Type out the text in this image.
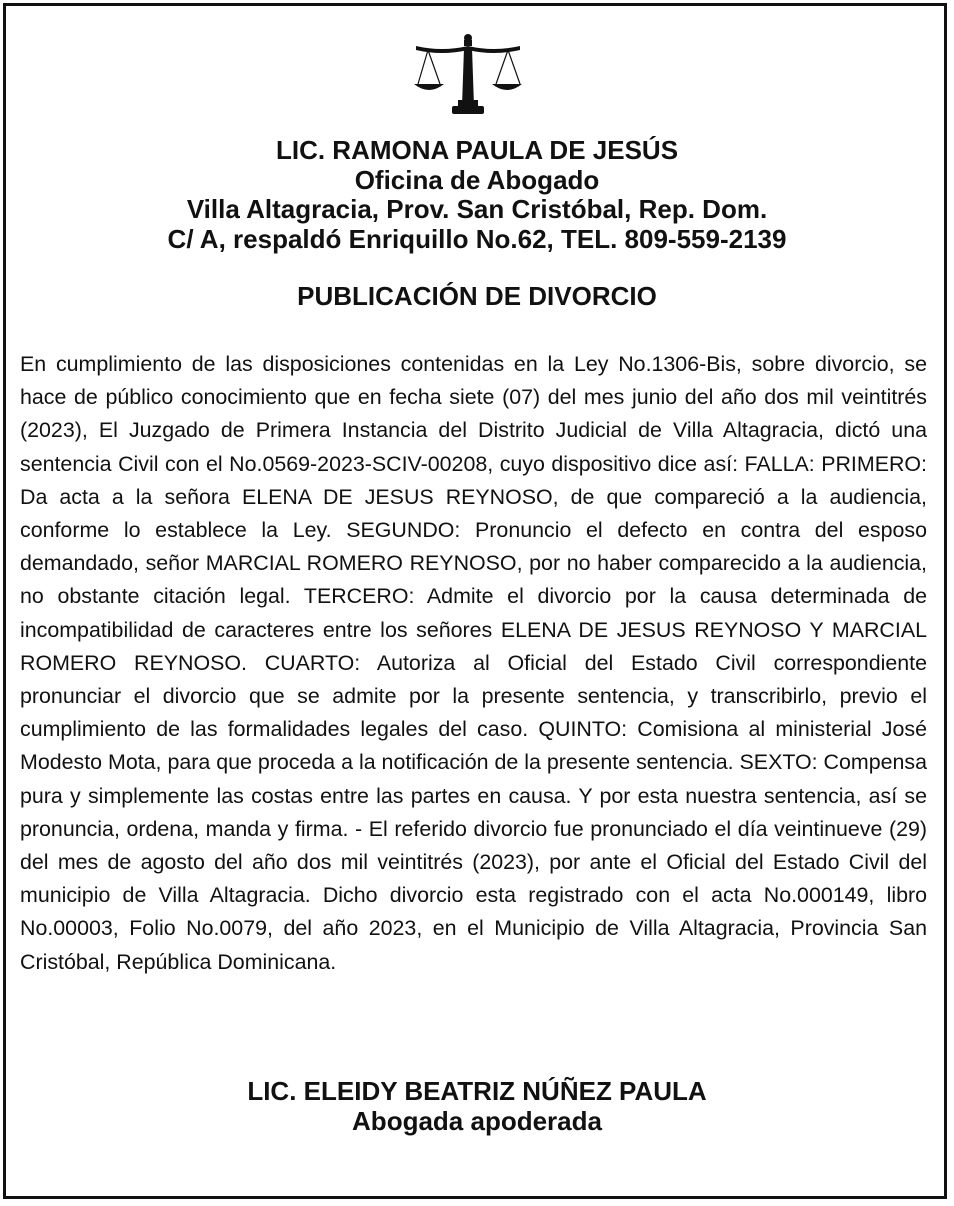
LIC. RAMONA PAULA DE JESÚS
Oficina de Abogado
Villa Altagracia, Prov. San Cristóbal, Rep. Dom.
C/ A, respaldó Enriquillo No.62, TEL. 809-559-2139
PUBLICACIÓN DE DIVORCIO
En cumplimiento de las disposiciones contenidas en la Ley No.1306-Bis, sobre divorcio, se hace de público conocimiento que en fecha siete (07) del mes junio del año dos mil veintitrés (2023), El Juzgado de Primera Instancia del Distrito Judicial de Villa Altagracia, dictó una sentencia Civil con el No.0569-2023-SCIV-00208, cuyo dispositivo dice así: FALLA: PRIMERO: Da acta a la señora ELENA DE JESUS REYNOSO, de que compareció a la audiencia, conforme lo establece la Ley. SEGUNDO: Pronuncio el defecto en contra del esposo demandado, señor MARCIAL ROMERO REYNOSO, por no haber comparecido a la audiencia, no obstante citación legal. TERCERO: Admite el divorcio por la causa determinada de incompatibilidad de caracteres entre los señores ELENA DE JESUS REYNOSO Y MARCIAL ROMERO REYNOSO. CUARTO: Autoriza al Oficial del Estado Civil correspondiente pronunciar el divorcio que se admite por la presente sentencia, y transcribirlo, previo el cumplimiento de las formalidades legales del caso. QUINTO: Comisiona al ministerial José Modesto Mota, para que proceda a la notificación de la presente sentencia. SEXTO: Compensa pura y simplemente las costas entre las partes en causa. Y por esta nuestra sentencia, así se pronuncia, ordena, manda y firma. - El referido divorcio fue pronunciado el día veintinueve (29) del mes de agosto del año dos mil veintitrés (2023), por ante el Oficial del Estado Civil del municipio de Villa Altagracia. Dicho divorcio esta registrado con el acta No.000149, libro No.00003, Folio No.0079, del año 2023, en el Municipio de Villa Altagracia, Provincia San Cristóbal, República Dominicana.
LIC. ELEIDY BEATRIZ NÚÑEZ PAULA
Abogada apoderada
